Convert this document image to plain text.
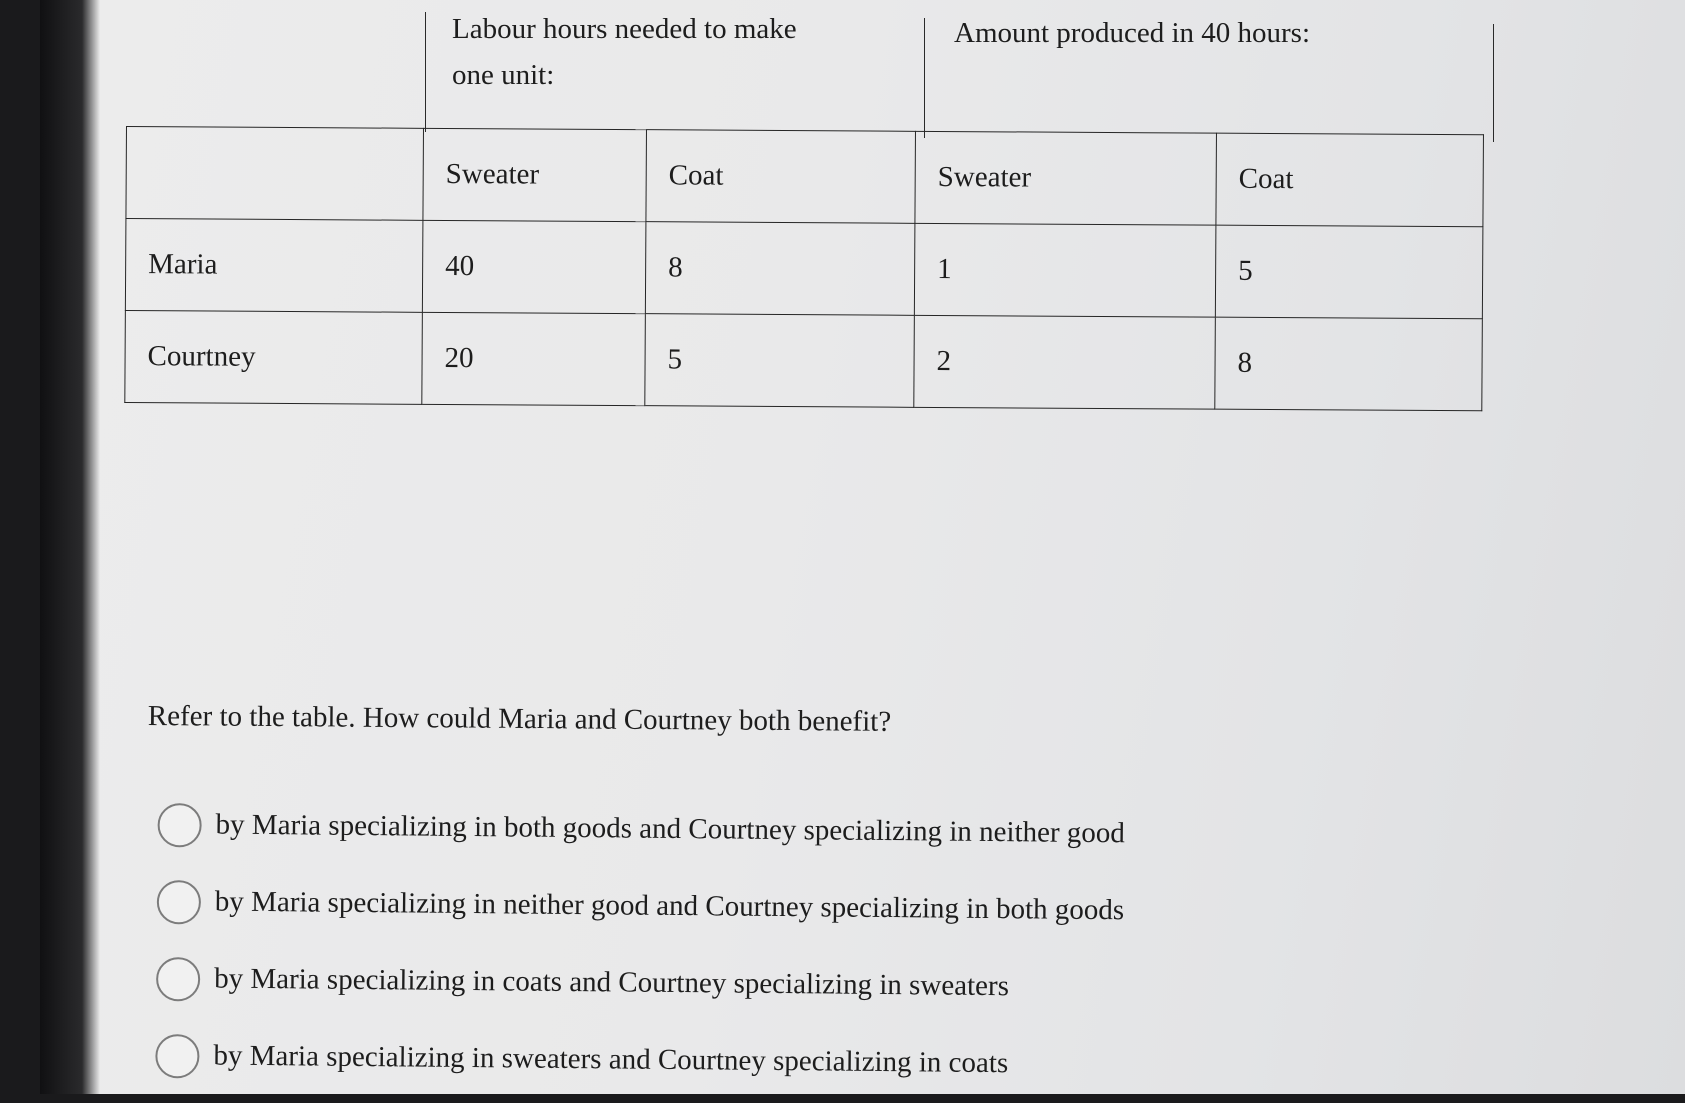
Labour hours needed to make
one unit:
Amount produced in 40 hours:
	Sweater	Coat	Sweater	Coat
Maria	40	8	1	5
Courtney	20	5	2	8
Refer to the table. How could Maria and Courtney both benefit?
by Maria specializing in both goods and Courtney specializing in neither good
by Maria specializing in neither good and Courtney specializing in both goods
by Maria specializing in coats and Courtney specializing in sweaters
by Maria specializing in sweaters and Courtney specializing in coats
